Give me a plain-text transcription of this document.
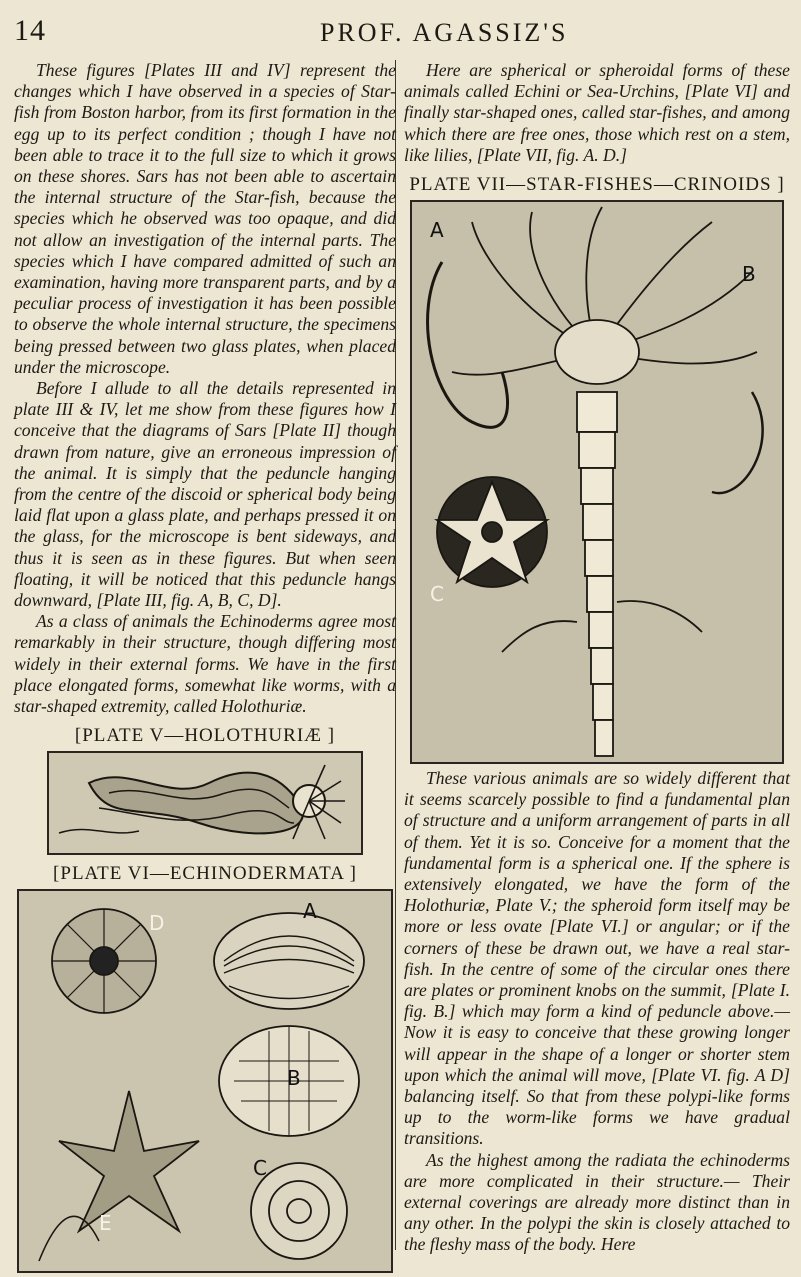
14	PROF. AGASSIZ'S

These figures [Plates III and IV] represent the changes which I have observed in a species of Star-fish from Boston harbor, from its first formation in the egg up to its perfect condition ; though I have not been able to trace it to the full size to which it grows on these shores. Sars has not been able to ascertain the internal structure of the Star-fish, because the species which he observed was too opaque, and did not allow an investigation of the internal parts. The species which I have compared admitted of such an examination, having more transparent parts, and by a peculiar process of investigation it has been possible to observe the whole internal structure, the specimens being pressed between two glass plates, when placed under the microscope.

Before I allude to all the details represented in plate III & IV, let me show from these figures how I conceive that the diagrams of Sars [Plate II] though drawn from nature, give an erroneous impression of the animal. It is simply that the peduncle hanging from the centre of the discoid or spherical body being laid flat upon a glass plate, and perhaps pressed it on the glass, for the microscope is bent sideways, and thus it is seen as in these figures. But when seen floating, it will be noticed that this peduncle hangs downward, [Plate III, fig. A, B, C, D].

As a class of animals the Echinoderms agree most remarkably in their structure, though differing most widely in their external forms. We have in the first place elongated forms, somewhat like worms, with a star-shaped extremity, called Holothuriæ.

[PLATE V—HOLOTHURIÆ ]
[PLATE VI—ECHINODERMATA ]
A
B
C
D
E

Here are spherical or spheroidal forms of these animals called Echini or Sea-Urchins, [Plate VI] and finally star-shaped ones, called star-fishes, and among which there are free ones, those which rest on a stem, like lilies, [Plate VII, fig. A. D.]

PLATE VII—STAR-FISHES—CRINOIDS ]
A
B
C

These various animals are so widely different that it seems scarcely possible to find a fundamental plan of structure and a uniform arrangement of parts in all of them. Yet it is so. Conceive for a moment that the fundamental form is a spherical one. If the sphere is extensively elongated, we have the form of the Holothuriæ, Plate V.; the spheroid form itself may be more or less ovate [Plate VI.] or angular; or if the corners of these be drawn out, we have a real star-fish. In the centre of some of the circular ones there are plates or prominent knobs on the summit, [Plate I. fig. B.] which may form a kind of peduncle above.— Now it is easy to conceive that these growing longer will appear in the shape of a longer or shorter stem upon which the animal will move, [Plate VI. fig. A D] balancing itself. So that from these polypi-like forms up to the worm-like forms we have gradual transitions.

As the highest among the radiata the echinoderms are more complicated in their structure.— Their external coverings are already more distinct than in any other. In the polypi the skin is closely attached to the fleshy mass of the body. Here
